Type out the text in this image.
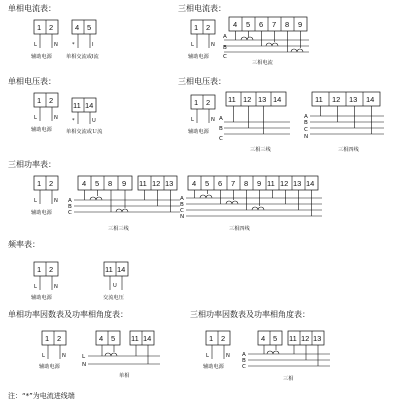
单相电流表：
1 2
L	N
辅助电源
4 5
*	I
单相交流或Ⅰ流
三相电流表：
1 2
L	N
辅助电源
4 5 6 7 8 9
A
B
C
三相电流
单相电压表：
1 2
L	N
辅助电源
11 14
*	U
单相交流或Ｕ流
三相电压表：
1 2
L	N
辅助电源
11 12 13 14
A
B
C
三相三线
11 12 13 14
A
B
C
N
三相四线
三相功率表：
1 2
L	N
辅助电源
4 5 8 9 11 12 13
A
B
C
三相三线
4 5 6 7 8 9 11 12 13 14
A
B
C
N
三相四线
频率表：
1 2
L	N
辅助电源
11 14
U
交流电压
单相功率因数表及功率相角度表：
1 2
L	N
辅助电源
4 5 11 14
L
N
单相
三相功率因数表及功率相角度表：
1 2
L	N
辅助电源
4 5 11 12 13
A
B
C
三相
注：“*”为电流进线端
